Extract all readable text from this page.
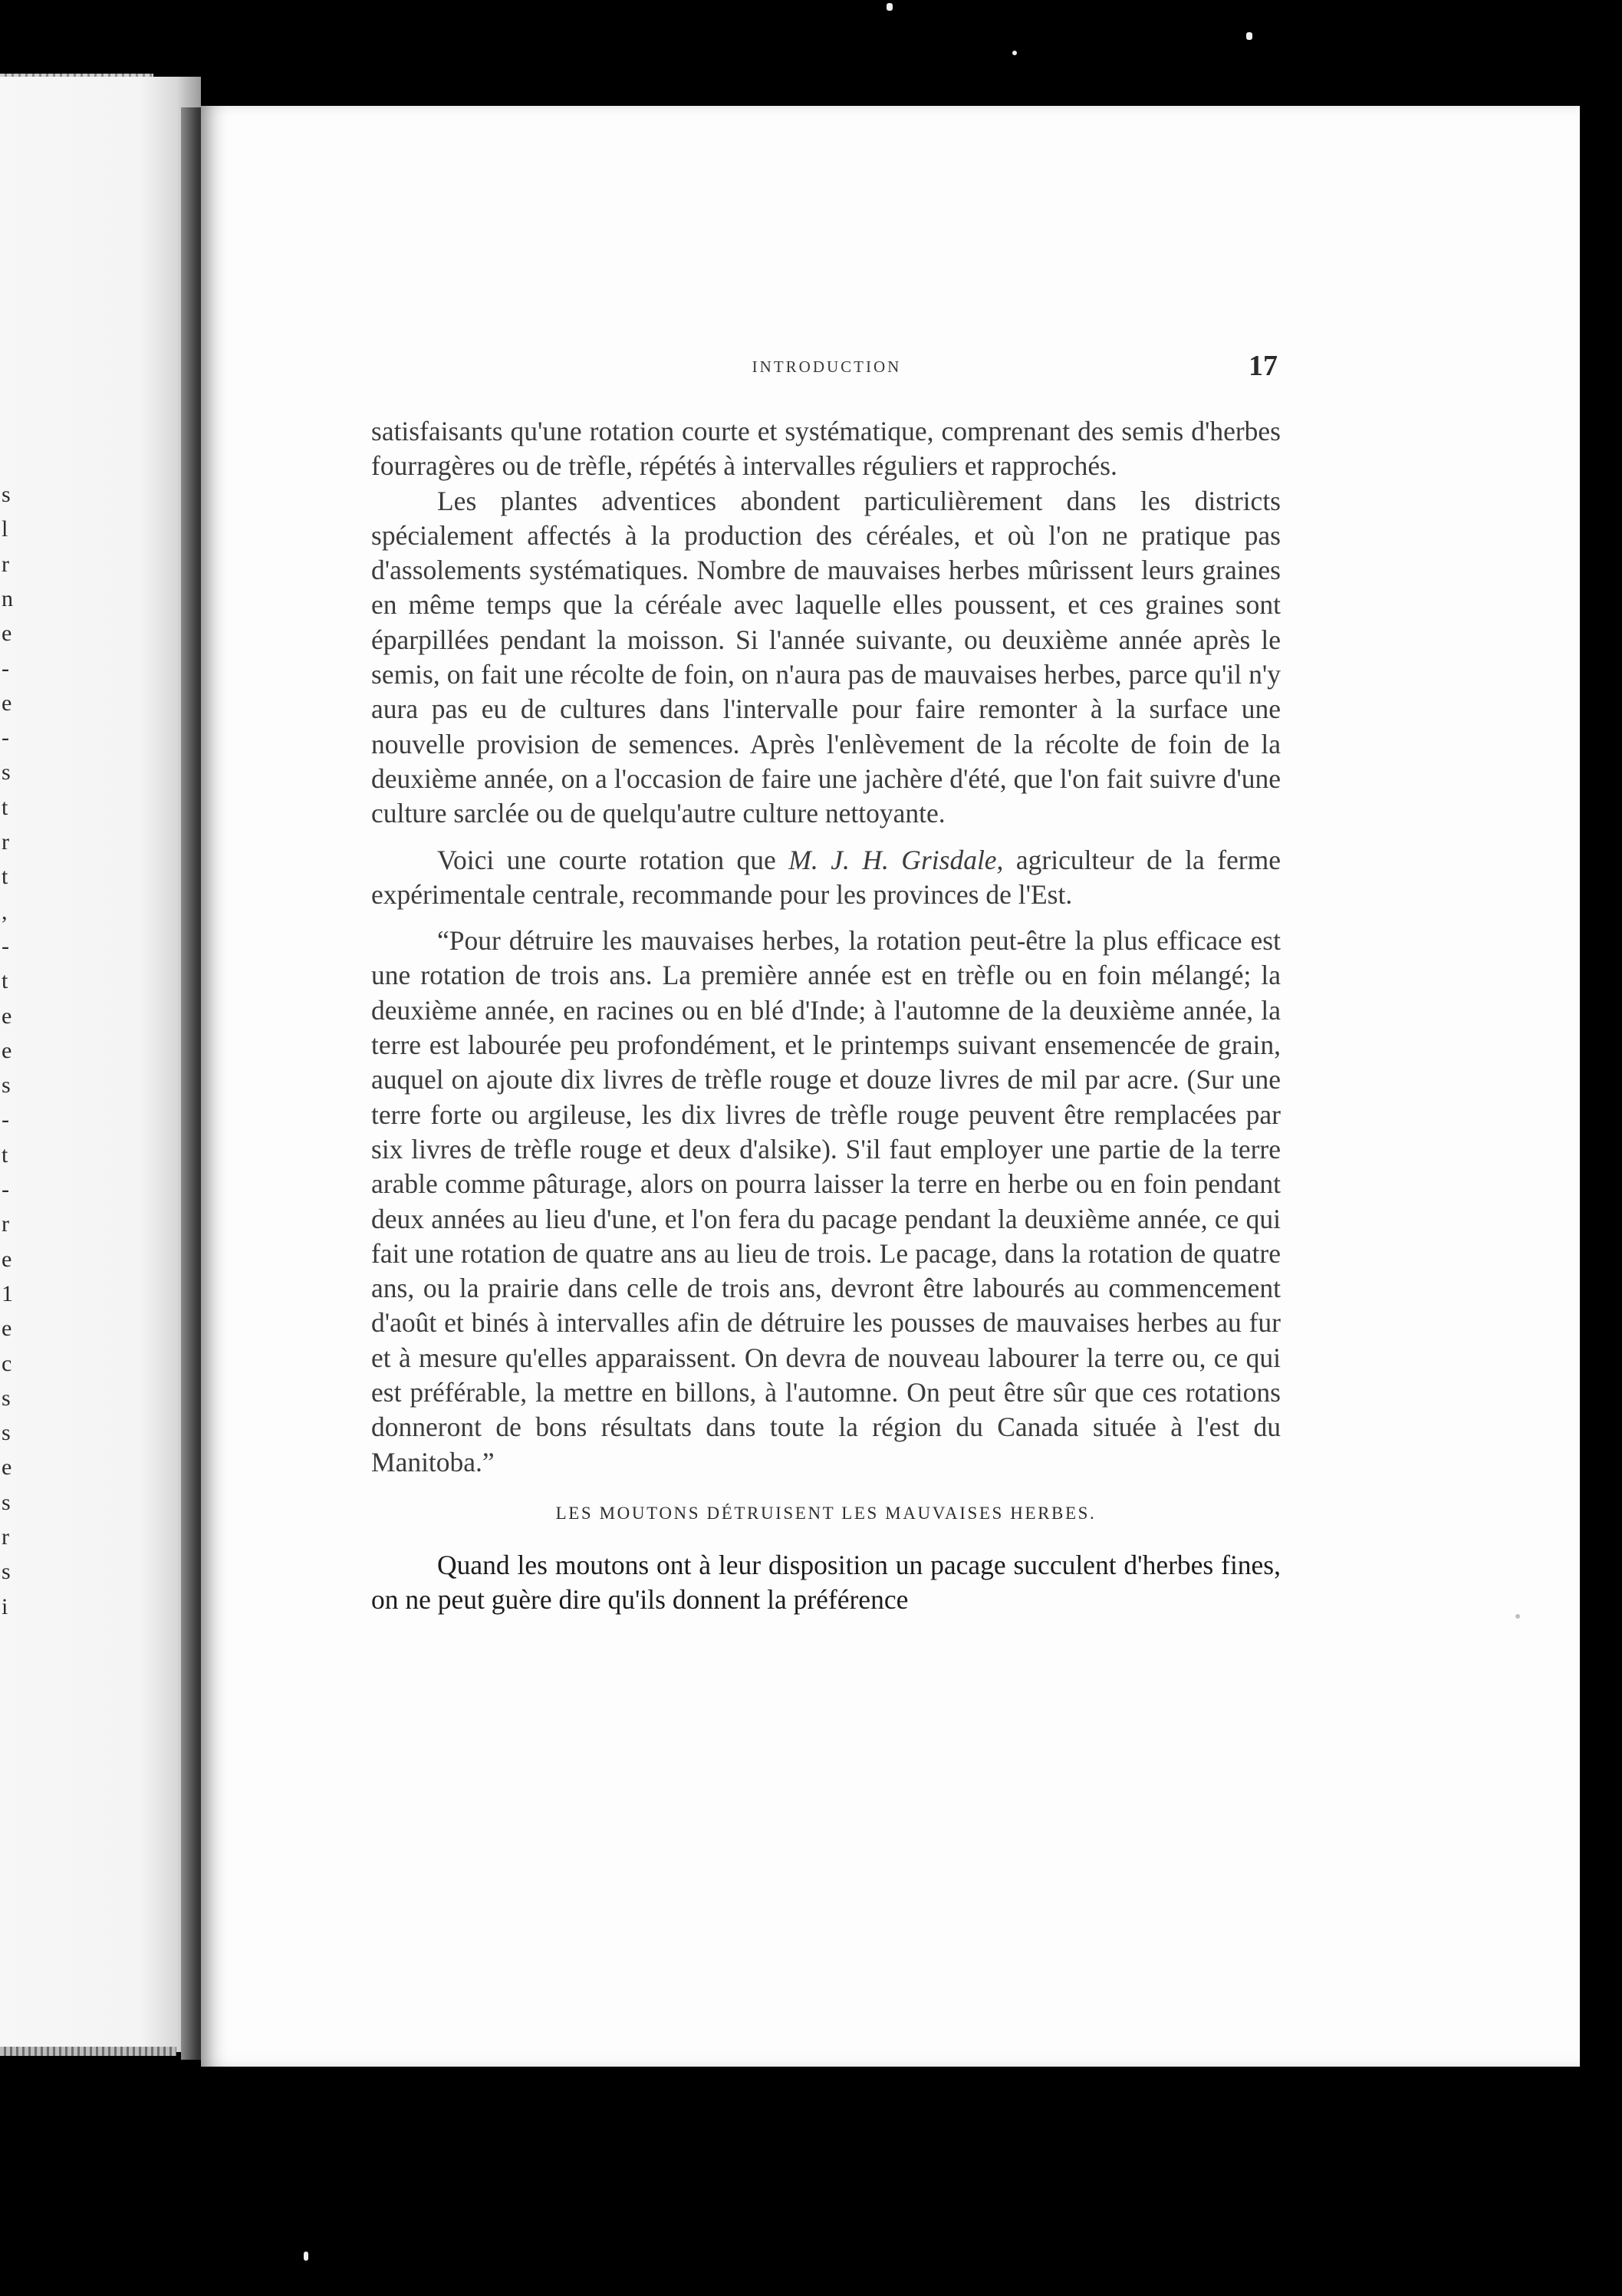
s
l
r
n
e
-
e
-
s
t
r
t
,
-
t
e
e
s
-
t
-
r
e
1
e
c
s
s
e
s
r
s
i
INTRODUCTION	17

satisfaisants qu'une rotation courte et systématique, comprenant des semis d'herbes fourragères ou de trèfle, répétés à intervalles réguliers et rapprochés.

Les plantes adventices abondent particulièrement dans les districts spécialement affectés à la production des céréales, et où l'on ne pratique pas d'assolements systématiques. Nombre de mauvaises herbes mûrissent leurs graines en même temps que la céréale avec laquelle elles poussent, et ces graines sont éparpillées pendant la moisson. Si l'année suivante, ou deuxième année après le semis, on fait une récolte de foin, on n'aura pas de mauvaises herbes, parce qu'il n'y aura pas eu de cultures dans l'intervalle pour faire remonter à la surface une nouvelle provision de semences. Après l'enlèvement de la récolte de foin de la deuxième année, on a l'occasion de faire une jachère d'été, que l'on fait suivre d'une culture sarclée ou de quelqu'autre culture nettoyante.

Voici une courte rotation que M. J. H. Grisdale, agriculteur de la ferme expérimentale centrale, recommande pour les provinces de l'Est.

“Pour détruire les mauvaises herbes, la rotation peut-être la plus efficace est une rotation de trois ans. La première année est en trèfle ou en foin mélangé; la deuxième année, en racines ou en blé d'Inde; à l'automne de la deuxième année, la terre est labourée peu profondément, et le printemps suivant ensemencée de grain, auquel on ajoute dix livres de trèfle rouge et douze livres de mil par acre. (Sur une terre forte ou argileuse, les dix livres de trèfle rouge peuvent être remplacées par six livres de trèfle rouge et deux d'alsike). S'il faut employer une partie de la terre arable comme pâturage, alors on pourra laisser la terre en herbe ou en foin pendant deux années au lieu d'une, et l'on fera du pacage pendant la deuxième année, ce qui fait une rotation de quatre ans au lieu de trois. Le pacage, dans la rotation de quatre ans, ou la prairie dans celle de trois ans, devront être labourés au commencement d'août et binés à intervalles afin de détruire les pousses de mauvaises herbes au fur et à mesure qu'elles apparaissent. On devra de nouveau labourer la terre ou, ce qui est préférable, la mettre en billons, à l'automne. On peut être sûr que ces rotations donneront de bons résultats dans toute la région du Canada située à l'est du Manitoba.”

LES MOUTONS DÉTRUISENT LES MAUVAISES HERBES.

Quand les moutons ont à leur disposition un pacage succulent d'herbes fines, on ne peut guère dire qu'ils donnent la préférence
